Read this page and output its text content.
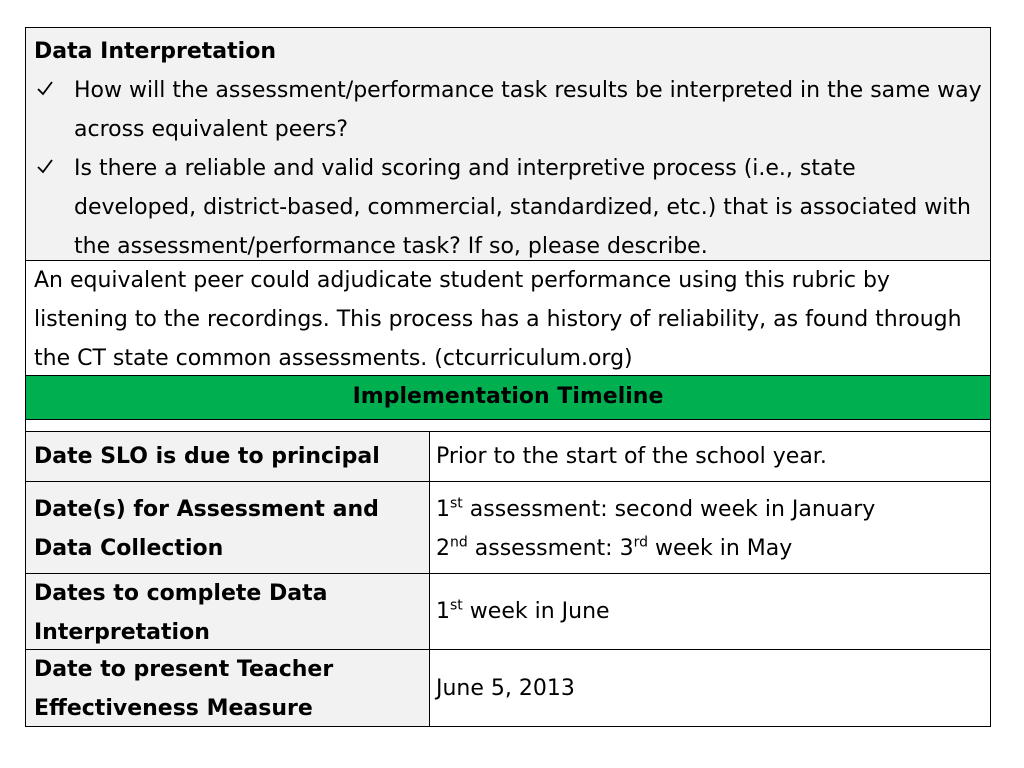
Data Interpretation
How will the assessment/performance task results be interpreted in the same way across equivalent peers?
Is there a reliable and valid scoring and interpretive process (i.e., state developed, district-based, commercial, standardized, etc.) that is associated with the assessment/performance task? If so, please describe.
An equivalent peer could adjudicate student performance using this rubric by listening to the recordings. This process has a history of reliability, as found through the CT state common assessments. (ctcurriculum.org)
Implementation Timeline
Date SLO is due to principal	Prior to the start of the school year.
Date(s) for Assessment and Data Collection
1st assessment: second week in January
2nd assessment: 3rd week in May
Dates to complete Data Interpretation
1st week in June
Date to present Teacher Effectiveness Measure
June 5, 2013
